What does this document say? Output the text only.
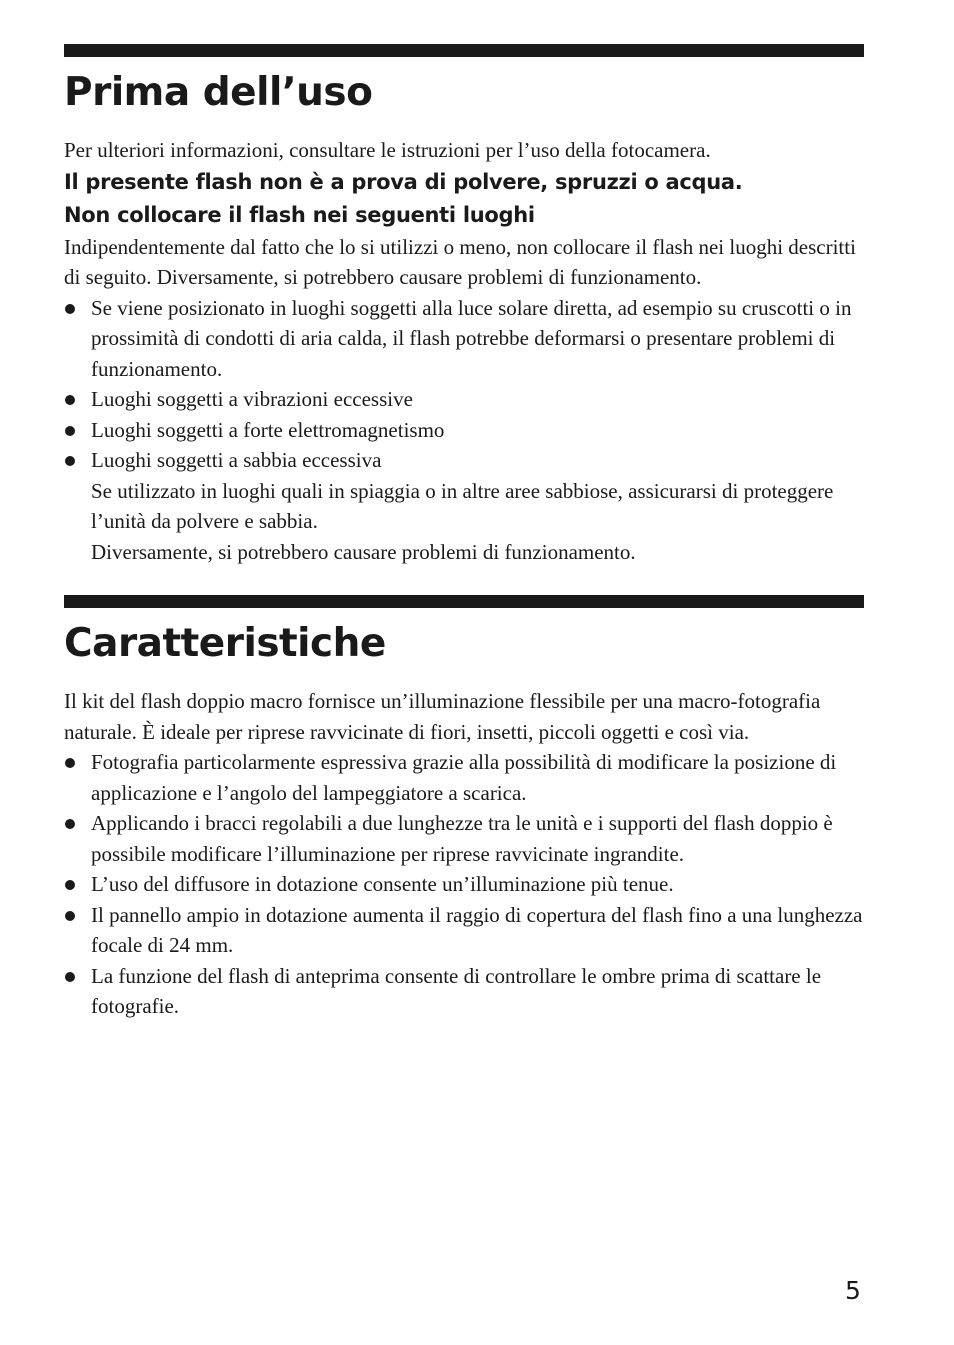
Prima dell’uso

Per ulteriori informazioni, consultare le istruzioni per l’uso della fotocamera.

Il presente flash non è a prova di polvere, spruzzi o acqua.
Non collocare il flash nei seguenti luoghi

Indipendentemente dal fatto che lo si utilizzi o meno, non collocare il flash nei luoghi descritti di seguito. Diversamente, si potrebbero causare problemi di funzionamento.

Se viene posizionato in luoghi soggetti alla luce solare diretta, ad esempio su cruscotti o in prossimità di condotti di aria calda, il flash potrebbe deformarsi o presentare problemi di funzionamento.
Luoghi soggetti a vibrazioni eccessive
Luoghi soggetti a forte elettromagnetismo
Luoghi soggetti a sabbia eccessiva
Se utilizzato in luoghi quali in spiaggia o in altre aree sabbiose, assicurarsi di proteggere l’unità da polvere e sabbia.
Diversamente, si potrebbero causare problemi di funzionamento.
Caratteristiche

Il kit del flash doppio macro fornisce un’illuminazione flessibile per una macro-fotografia naturale. È ideale per riprese ravvicinate di fiori, insetti, piccoli oggetti e così via.

Fotografia particolarmente espressiva grazie alla possibilità di modificare la posizione di applicazione e l’angolo del lampeggiatore a scarica.
Applicando i bracci regolabili a due lunghezze tra le unità e i supporti del flash doppio è possibile modificare l’illuminazione per riprese ravvicinate ingrandite.
L’uso del diffusore in dotazione consente un’illuminazione più tenue.
Il pannello ampio in dotazione aumenta il raggio di copertura del flash fino a una lunghezza focale di 24 mm.
La funzione del flash di anteprima consente di controllare le ombre prima di scattare le fotografie.
5
